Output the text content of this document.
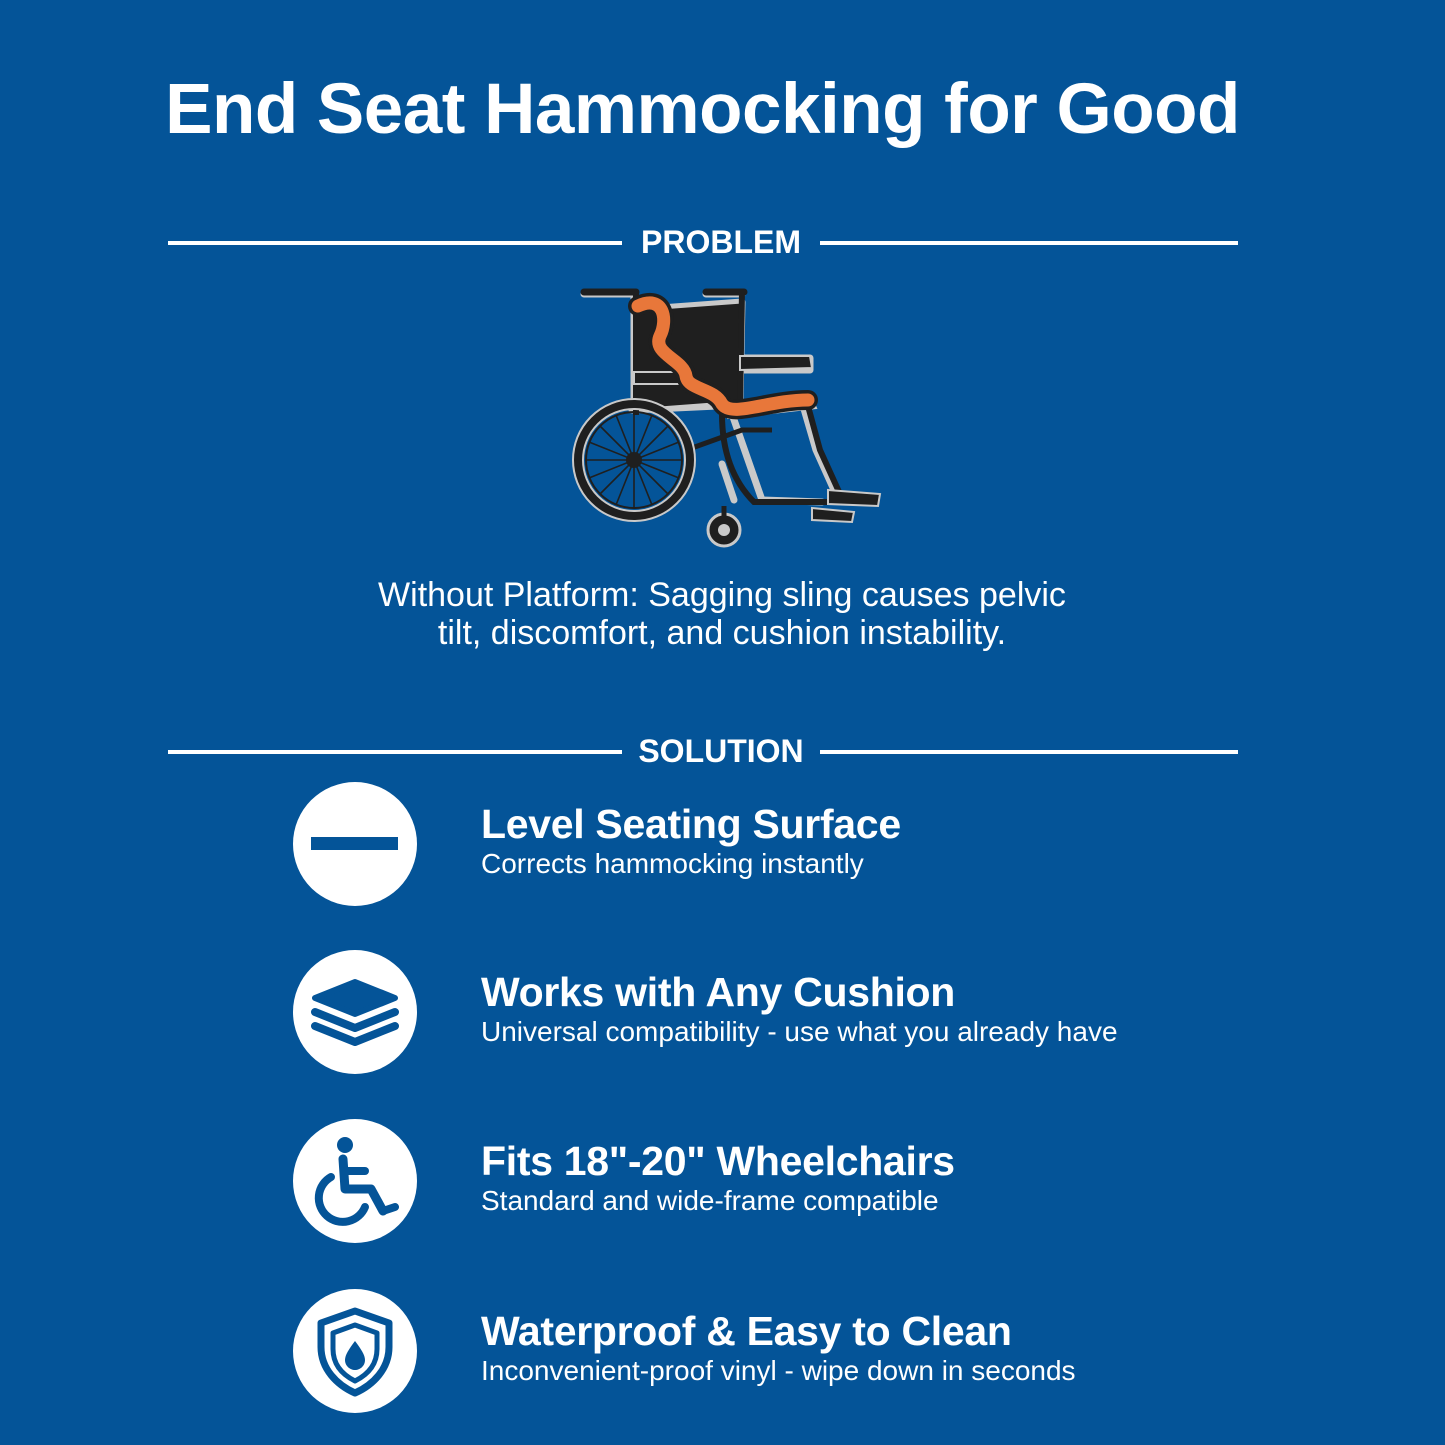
End Seat Hammocking for Good
PROBLEM
Without Platform: Sagging sling causes pelvic tilt, discomfort, and cushion instability.
SOLUTION
Level Seating Surface
Corrects hammocking instantly
Works with Any Cushion
Universal compatibility - use what you already have
Fits 18"-20" Wheelchairs
Standard and wide-frame compatible
Waterproof & Easy to Clean
Inconvenient-proof vinyl - wipe down in seconds
